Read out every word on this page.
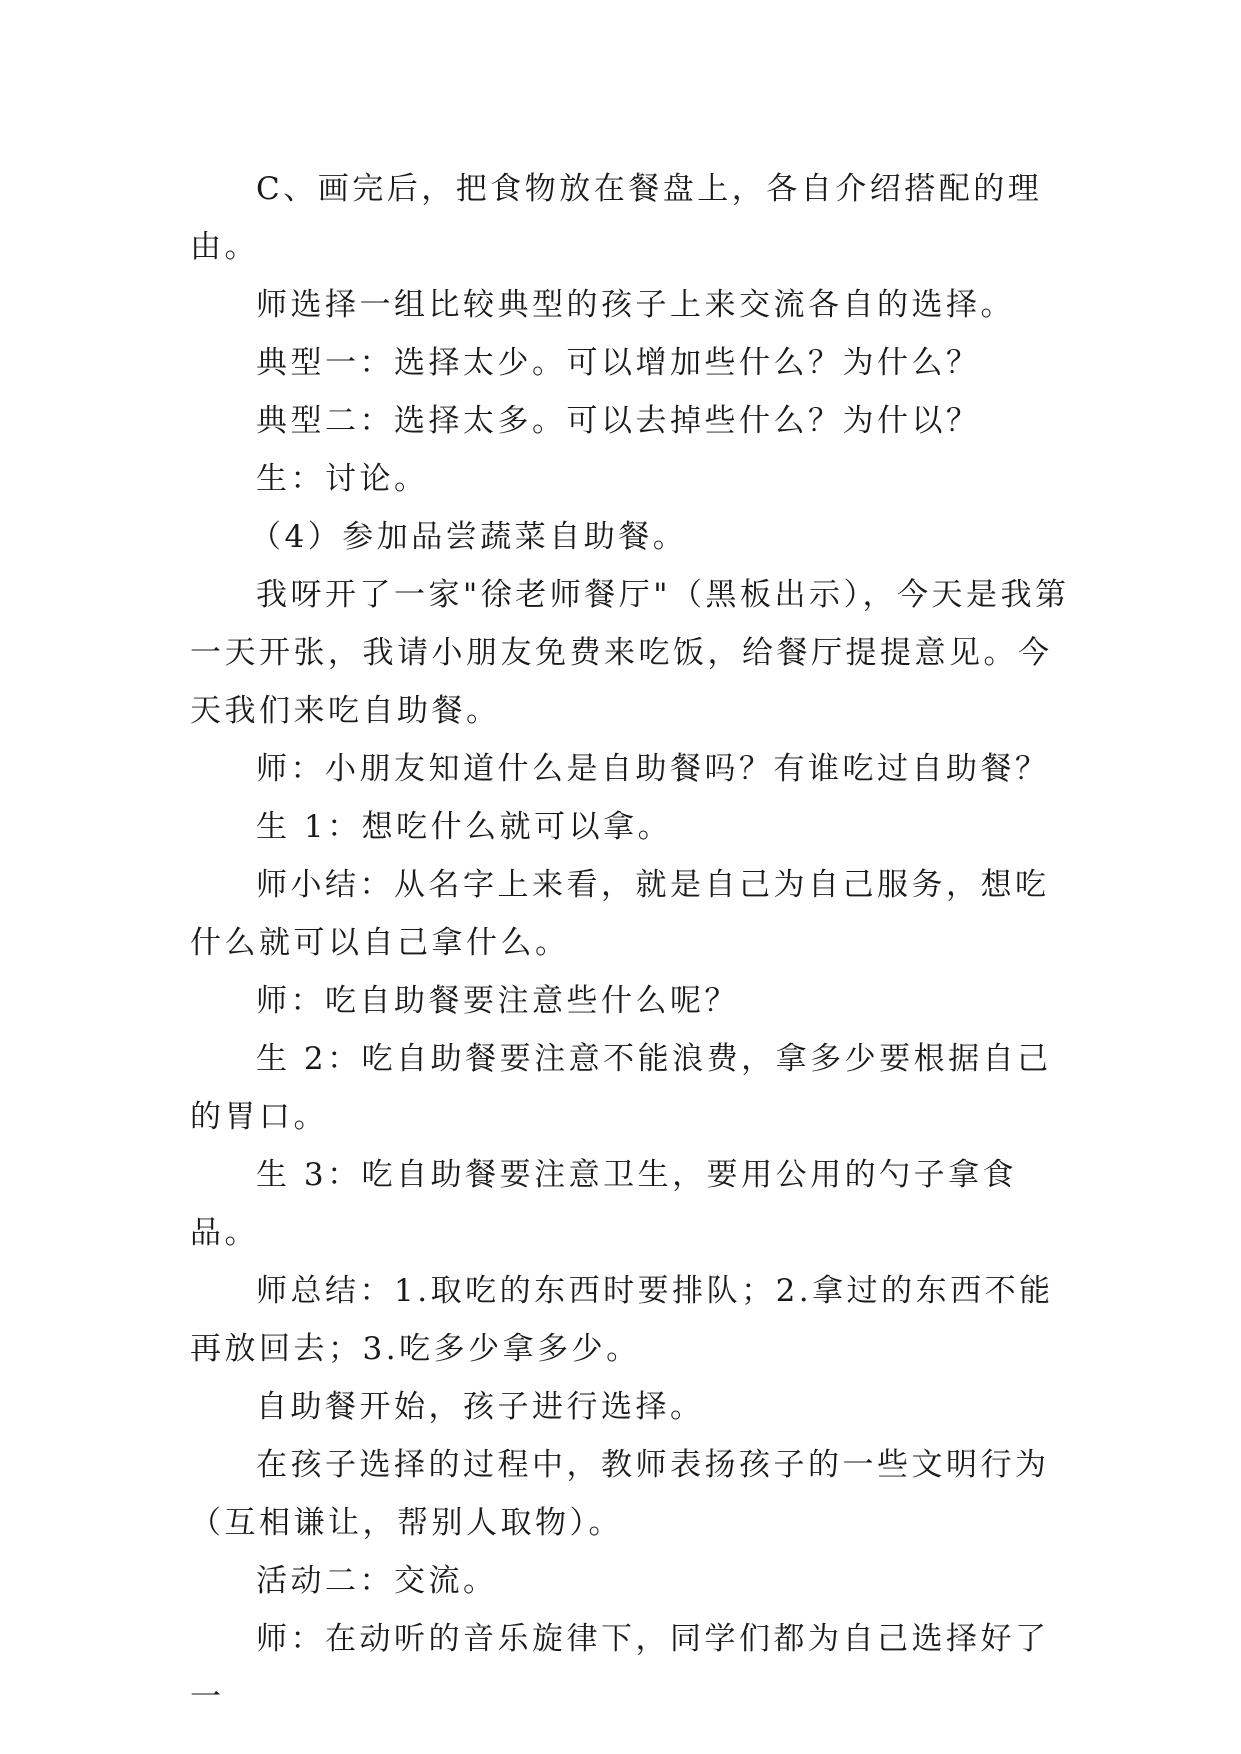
C、画完后，把食物放在餐盘上，各自介绍搭配的理由。

师选择一组比较典型的孩子上来交流各自的选择。

典型一：选择太少。可以增加些什么？为什么？

典型二：选择太多。可以去掉些什么？为什以？

生：讨论。

（4）参加品尝蔬菜自助餐。

我呀开了一家"徐老师餐厅"（黑板出示），今天是我第一天开张，我请小朋友免费来吃饭，给餐厅提提意见。今天我们来吃自助餐。

师：小朋友知道什么是自助餐吗？有谁吃过自助餐？

生 1：想吃什么就可以拿。

师小结：从名字上来看，就是自己为自己服务，想吃什么就可以自己拿什么。

师：吃自助餐要注意些什么呢？

生 2：吃自助餐要注意不能浪费，拿多少要根据自己的胃口。

生 3：吃自助餐要注意卫生，要用公用的勺子拿食品。

师总结：1.取吃的东西时要排队；2.拿过的东西不能再放回去；3.吃多少拿多少。

自助餐开始，孩子进行选择。

在孩子选择的过程中，教师表扬孩子的一些文明行为（互相谦让，帮别人取物）。

活动二：交流。

师：在动听的音乐旋律下，同学们都为自己选择好了一
